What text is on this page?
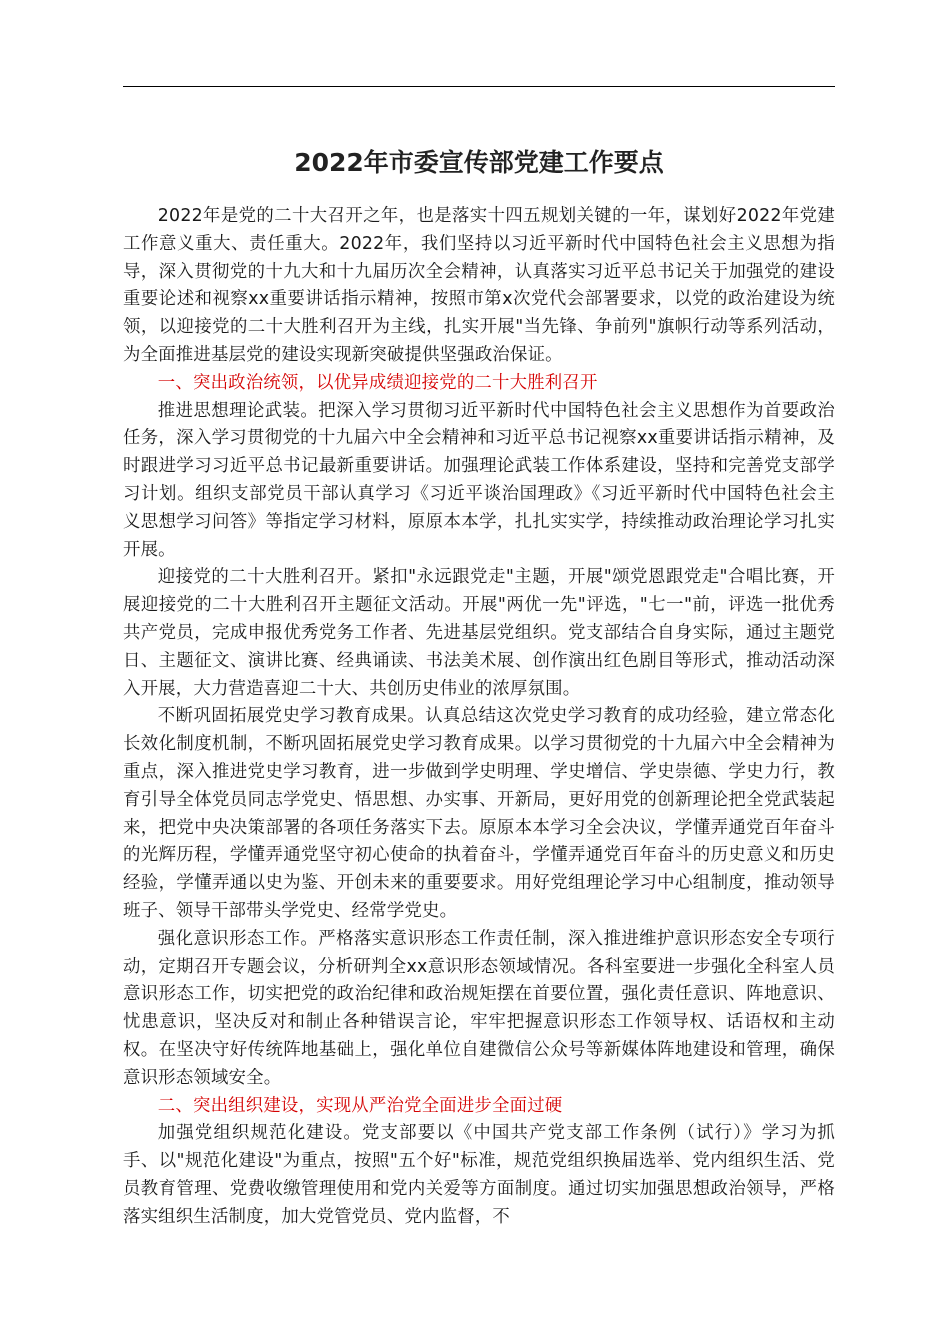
2022年市委宣传部党建工作要点

2022年是党的二十大召开之年，也是落实十四五规划关键的一年，谋划好2022年党建工作意义重大、责任重大。2022年，我们坚持以习近平新时代中国特色社会主义思想为指导，深入贯彻党的十九大和十九届历次全会精神，认真落实习近平总书记关于加强党的建设重要论述和视察xx重要讲话指示精神，按照市第x次党代会部署要求，以党的政治建设为统领，以迎接党的二十大胜利召开为主线，扎实开展"当先锋、争前列"旗帜行动等系列活动，为全面推进基层党的建设实现新突破提供坚强政治保证。

一、突出政治统领，以优异成绩迎接党的二十大胜利召开

推进思想理论武装。把深入学习贯彻习近平新时代中国特色社会主义思想作为首要政治任务，深入学习贯彻党的十九届六中全会精神和习近平总书记视察xx重要讲话指示精神，及时跟进学习习近平总书记最新重要讲话。加强理论武装工作体系建设，坚持和完善党支部学习计划。组织支部党员干部认真学习《习近平谈治国理政》《习近平新时代中国特色社会主义思想学习问答》等指定学习材料，原原本本学，扎扎实实学，持续推动政治理论学习扎实开展。

迎接党的二十大胜利召开。紧扣"永远跟党走"主题，开展"颂党恩跟党走"合唱比赛，开展迎接党的二十大胜利召开主题征文活动。开展"两优一先"评选，"七一"前，评选一批优秀共产党员，完成申报优秀党务工作者、先进基层党组织。党支部结合自身实际，通过主题党日、主题征文、演讲比赛、经典诵读、书法美术展、创作演出红色剧目等形式，推动活动深入开展，大力营造喜迎二十大、共创历史伟业的浓厚氛围。

不断巩固拓展党史学习教育成果。认真总结这次党史学习教育的成功经验，建立常态化长效化制度机制，不断巩固拓展党史学习教育成果。以学习贯彻党的十九届六中全会精神为重点，深入推进党史学习教育，进一步做到学史明理、学史增信、学史崇德、学史力行，教育引导全体党员同志学党史、悟思想、办实事、开新局，更好用党的创新理论把全党武装起来，把党中央决策部署的各项任务落实下去。原原本本学习全会决议，学懂弄通党百年奋斗的光辉历程，学懂弄通党坚守初心使命的执着奋斗，学懂弄通党百年奋斗的历史意义和历史经验，学懂弄通以史为鉴、开创未来的重要要求。用好党组理论学习中心组制度，推动领导班子、领导干部带头学党史、经常学党史。

强化意识形态工作。严格落实意识形态工作责任制，深入推进维护意识形态安全专项行动，定期召开专题会议，分析研判全xx意识形态领域情况。各科室要进一步强化全科室人员意识形态工作，切实把党的政治纪律和政治规矩摆在首要位置，强化责任意识、阵地意识、忧患意识，坚决反对和制止各种错误言论，牢牢把握意识形态工作领导权、话语权和主动权。在坚决守好传统阵地基础上，强化单位自建微信公众号等新媒体阵地建设和管理，确保意识形态领域安全。

二、突出组织建设，实现从严治党全面进步全面过硬

加强党组织规范化建设。党支部要以《中国共产党支部工作条例（试行）》学习为抓手、以"规范化建设"为重点，按照"五个好"标准，规范党组织换届选举、党内组织生活、党员教育管理、党费收缴管理使用和党内关爱等方面制度。通过切实加强思想政治领导，严格落实组织生活制度，加大党管党员、党内监督，不
